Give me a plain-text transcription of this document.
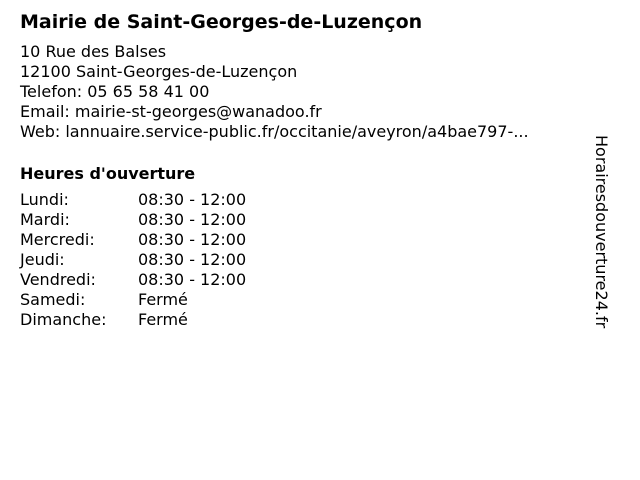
Mairie de Saint-Georges-de-Luzençon
10 Rue des Balses
12100 Saint-Georges-de-Luzençon
Telefon: 05 65 58 41 00
Email: mairie-st-georges@wanadoo.fr
Web: lannuaire.service-public.fr/occitanie/aveyron/a4bae797-...
Heures d'ouverture
Lundi:	08:30 - 12:00
Mardi:	08:30 - 12:00
Mercredi:	08:30 - 12:00
Jeudi:	08:30 - 12:00
Vendredi:	08:30 - 12:00
Samedi:	Fermé
Dimanche:	Fermé	Horairesdouverture24.fr
